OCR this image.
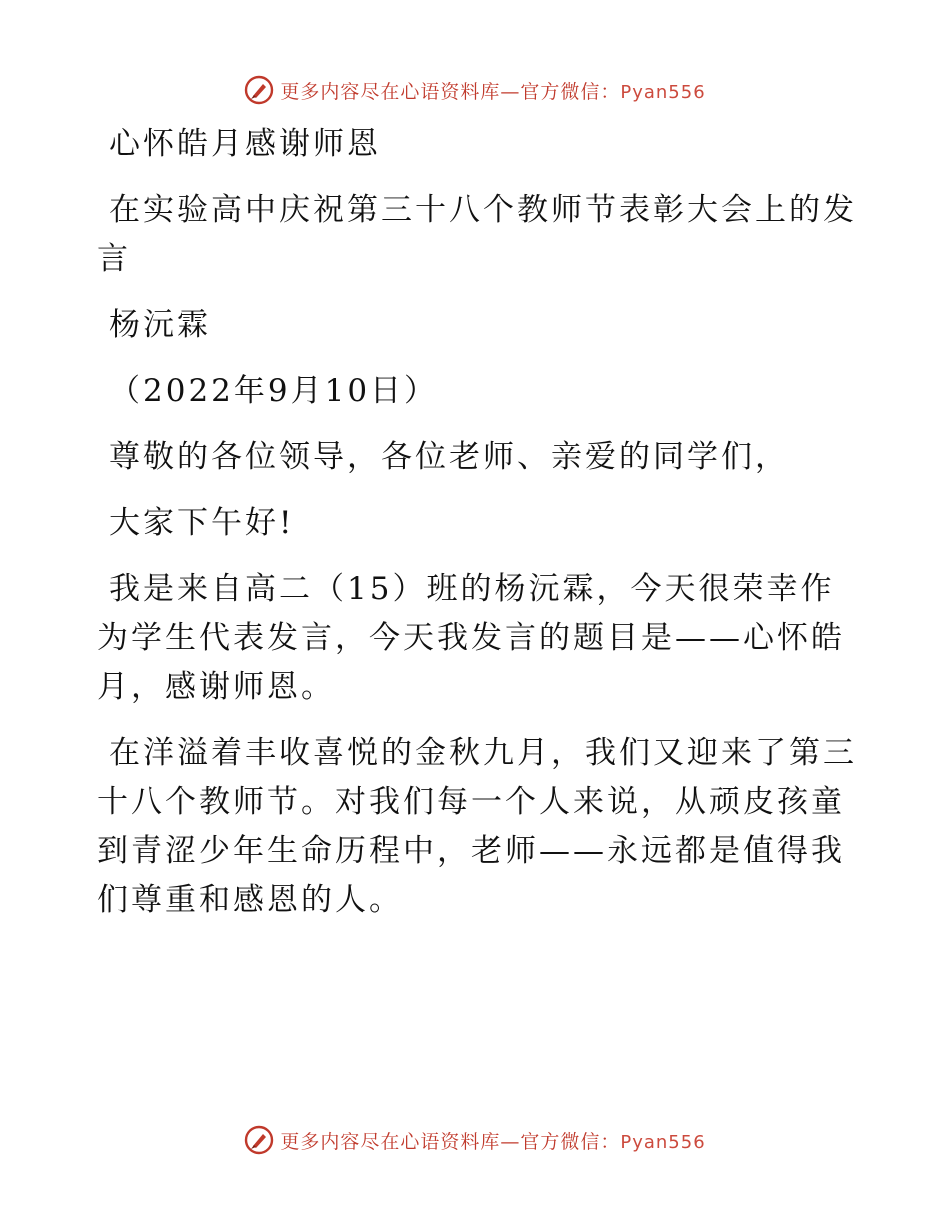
更多内容尽在心语资料库—官方微信：Pyan556

心怀皓月感谢师恩

在实验高中庆祝第三十八个教师节表彰大会上的发言

杨沅霖

（2022年9月10日）

尊敬的各位领导，各位老师、亲爱的同学们，

大家下午好!

我是来自高二（15）班的杨沅霖，今天很荣幸作为学生代表发言，今天我发言的题目是——心怀皓月，感谢师恩。

在洋溢着丰收喜悦的金秋九月，我们又迎来了第三十八个教师节。对我们每一个人来说，从顽皮孩童到青涩少年生命历程中，老师——永远都是值得我们尊重和感恩的人。

更多内容尽在心语资料库—官方微信：Pyan556
